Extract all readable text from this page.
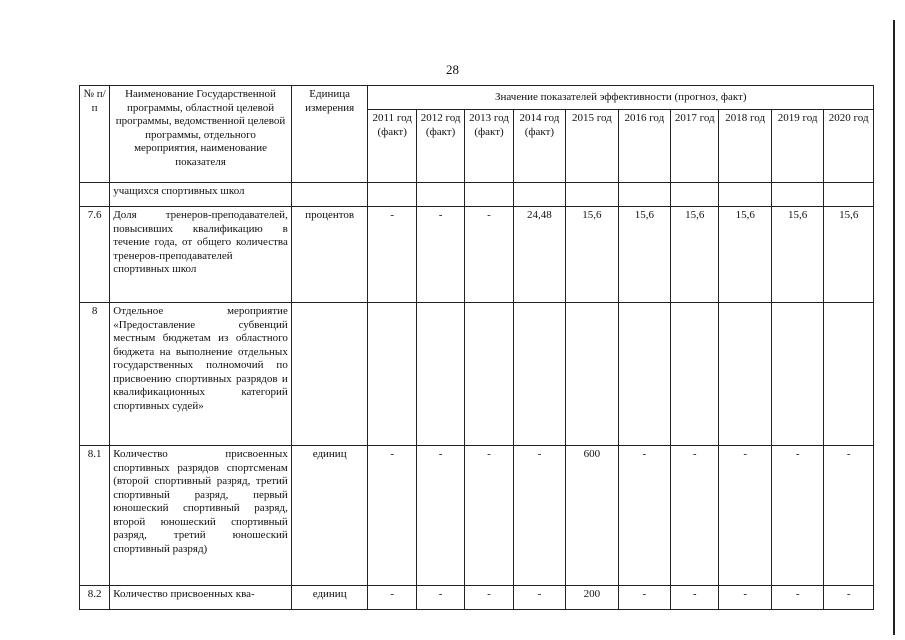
28
№ п/п	Наименование Государственной программы, областной целевой программы, ведомственной целевой программы, отдельного мероприятия, наименование показателя	Единица измерения	Значение показателей эффективности (прогноз, факт)									
			2011 год (факт)	2012 год (факт)	2013 год (факт)	2014 год (факт)	2015 год	2016 год	2017 год	2018 год	2019 год	2020 год
	учащихся спортивных школ											
7.6	Доля тренеров-преподавателей, повысивших квалификацию в течение года, от общего количества тренеров-преподавателей спортивных школ	процентов	-	-	-	24,48	15,6	15,6	15,6	15,6	15,6	15,6
8	Отдельное мероприятие «Предоставление субвенций местным бюджетам из областного бюджета на выполнение отдельных государственных полномочий по присвоению спортивных разрядов и квалификационных категорий спортивных судей»											
8.1	Количество присвоенных спортивных разрядов спортсменам (второй спортивный разряд, третий спортивный разряд, первый юношеский спортивный разряд, второй юношеский спортивный разряд, третий юношеский спортивный разряд)	единиц	-	-	-	-	600	-	-	-	-	-
8.2	Количество присвоенных ква-	единиц	-	-	-	-	200	-	-	-	-	-
